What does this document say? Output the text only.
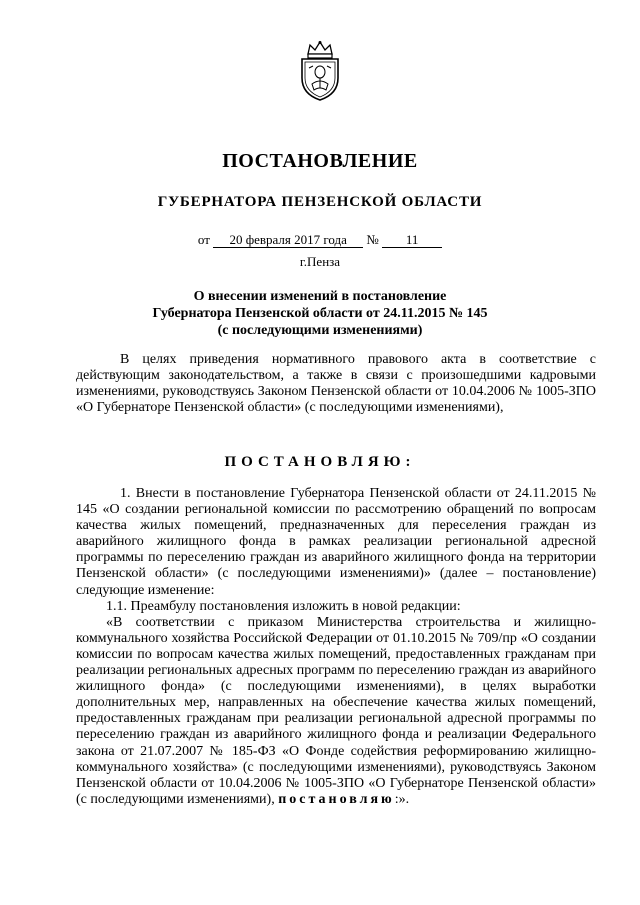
ПОСТАНОВЛЕНИЕ
ГУБЕРНАТОРА ПЕНЗЕНСКОЙ ОБЛАСТИ
от 20 февраля 2017 года № 11
г.Пенза
О внесении изменений в постановление
Губернатора Пензенской области от 24.11.2015 № 145
(с последующими изменениями)
В целях приведения нормативного правового акта в соответствие с действующим законодательством, а также в связи с произошедшими кадровыми изменениями, руководствуясь Законом Пензенской области от 10.04.2006 № 1005-ЗПО «О Губернаторе Пензенской области» (с последующими изменениями),
ПОСТАНОВЛЯЮ:
1. Внести в постановление Губернатора Пензенской области от 24.11.2015 № 145 «О создании региональной комиссии по рассмотрению обращений по вопросам качества жилых помещений, предназначенных для переселения граждан из аварийного жилищного фонда в рамках реализации региональной адресной программы по переселению граждан из аварийного жилищного фонда на территории Пензенской области» (с последующими изменениями)» (далее – постановление) следующие изменение:
1.1. Преамбулу постановления изложить в новой редакции:
«В соответствии с приказом Министерства строительства и жилищно-коммунального хозяйства Российской Федерации от 01.10.2015 № 709/пр «О создании комиссии по вопросам качества жилых помещений, предоставленных гражданам при реализации региональных адресных программ по переселению граждан из аварийного жилищного фонда» (с последующими изменениями), в целях выработки дополнительных мер, направленных на обеспечение качества жилых помещений, предоставленных гражданам при реализации региональной адресной программы по переселению граждан из аварийного жилищного фонда и реализации Федерального закона от 21.07.2007 № 185-ФЗ «О Фонде содействия реформированию жилищно-коммунального хозяйства» (с последующими изменениями), руководствуясь Законом Пензенской области от 10.04.2006 № 1005-ЗПО «О Губернаторе Пензенской области» (с последующими изменениями), постановляю:».
